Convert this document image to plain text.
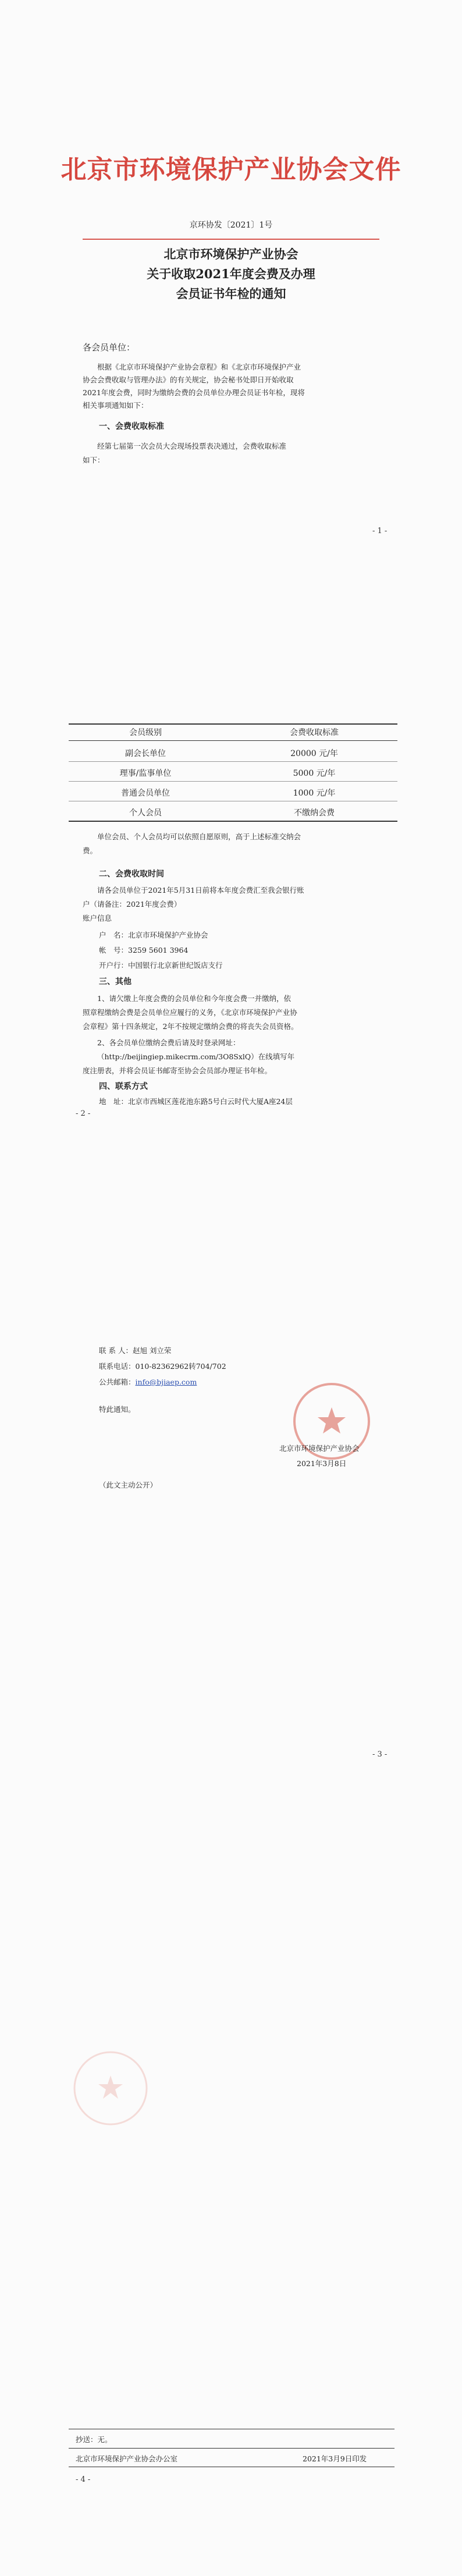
北京市环境保护产业协会文件
京环协发〔2021〕1号
北京市环境保护产业协会
关于收取2021年度会费及办理
会员证书年检的通知
各会员单位：
根据《北京市环境保护产业协会章程》和《北京市环境保护产业
协会会费收取与管理办法》的有关规定，协会秘书处即日开始收取
2021年度会费，同时为缴纳会费的会员单位办理会员证书年检，现将
相关事项通知如下：
一、会费收取标准
经第七届第一次会员大会现场投票表决通过，会费收取标准
如下：
- 1 -
会员级别	会费收取标准
副会长单位	20000 元/年
理事/监事单位	5000 元/年
普通会员单位	1000 元/年
个人会员	不缴纳会费
单位会员、个人会员均可以依照自愿原则，高于上述标准交纳会
费。
二、会费收取时间
请各会员单位于2021年5月31日前将本年度会费汇至我会银行账
户（请备注：2021年度会费）
账户信息
户　名：北京市环境保护产业协会
帐　号：3259 5601 3964
开户行：中国银行北京新世纪饭店支行
三、其他
1、请欠缴上年度会费的会员单位和今年度会费一并缴纳，依
照章程缴纳会费是会员单位应履行的义务，《北京市环境保护产业协
会章程》第十四条规定，2年不按规定缴纳会费的将丧失会员资格。
2、各会员单位缴纳会费后请及时登录网址：
（http://beijingiep.mikecrm.com/3O8SxlQ）在线填写年
度注册表，并将会员证书邮寄至协会会员部办理证书年检。
四、联系方式
地　址：北京市西城区莲花池东路5号白云时代大厦A座24层
- 2 -
联 系 人：赵旭 刘立荣
联系电话：010-82362962转704/702
公共邮箱：info@bjiaep.com
特此通知。
北京市环境保护产业协会
2021年3月8日
（此文主动公开）
- 3 -
抄送：无。
北京市环境保护产业协会办公室	2021年3月9日印发
- 4 -
